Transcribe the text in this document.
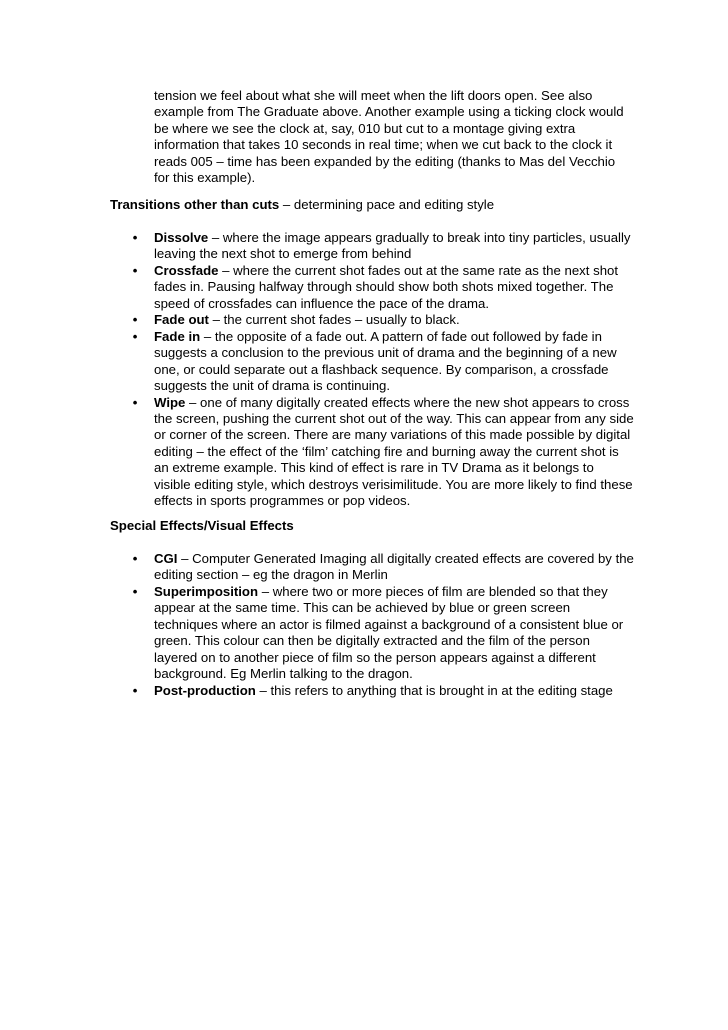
tension we feel about what she will meet when the lift doors open. See also example from The Graduate above. Another example using a ticking clock would be where we see the clock at, say, 010 but cut to a montage giving extra information that takes 10 seconds in real time; when we cut back to the clock it reads 005 – time has been expanded by the editing (thanks to Mas del Vecchio for this example).

Transitions other than cuts – determining pace and editing style
•	Dissolve – where the image appears gradually to break into tiny particles, usually leaving the next shot to emerge from behind
•	Crossfade – where the current shot fades out at the same rate as the next shot fades in. Pausing halfway through should show both shots mixed together. The speed of crossfades can influence the pace of the drama.
•	Fade out – the current shot fades – usually to black.
•	Fade in – the opposite of a fade out. A pattern of fade out followed by fade in suggests a conclusion to the previous unit of drama and the beginning of a new one, or could separate out a flashback sequence. By comparison, a crossfade suggests the unit of drama is continuing.
•	Wipe – one of many digitally created effects where the new shot appears to cross the screen, pushing the current shot out of the way. This can appear from any side or corner of the screen. There are many variations of this made possible by digital editing – the effect of the ‘film’ catching fire and burning away the current shot is an extreme example. This kind of effect is rare in TV Drama as it belongs to visible editing style, which destroys verisimilitude. You are more likely to find these effects in sports programmes or pop videos.
Special Effects/Visual Effects
•	CGI – Computer Generated Imaging all digitally created effects are covered by the editing section – eg the dragon in Merlin
•	Superimposition – where two or more pieces of film are blended so that they appear at the same time. This can be achieved by blue or green screen techniques where an actor is filmed against a background of a consistent blue or green. This colour can then be digitally extracted and the film of the person layered on to another piece of film so the person appears against a different background. Eg Merlin talking to the dragon.
•	Post-production – this refers to anything that is brought in at the editing stage
